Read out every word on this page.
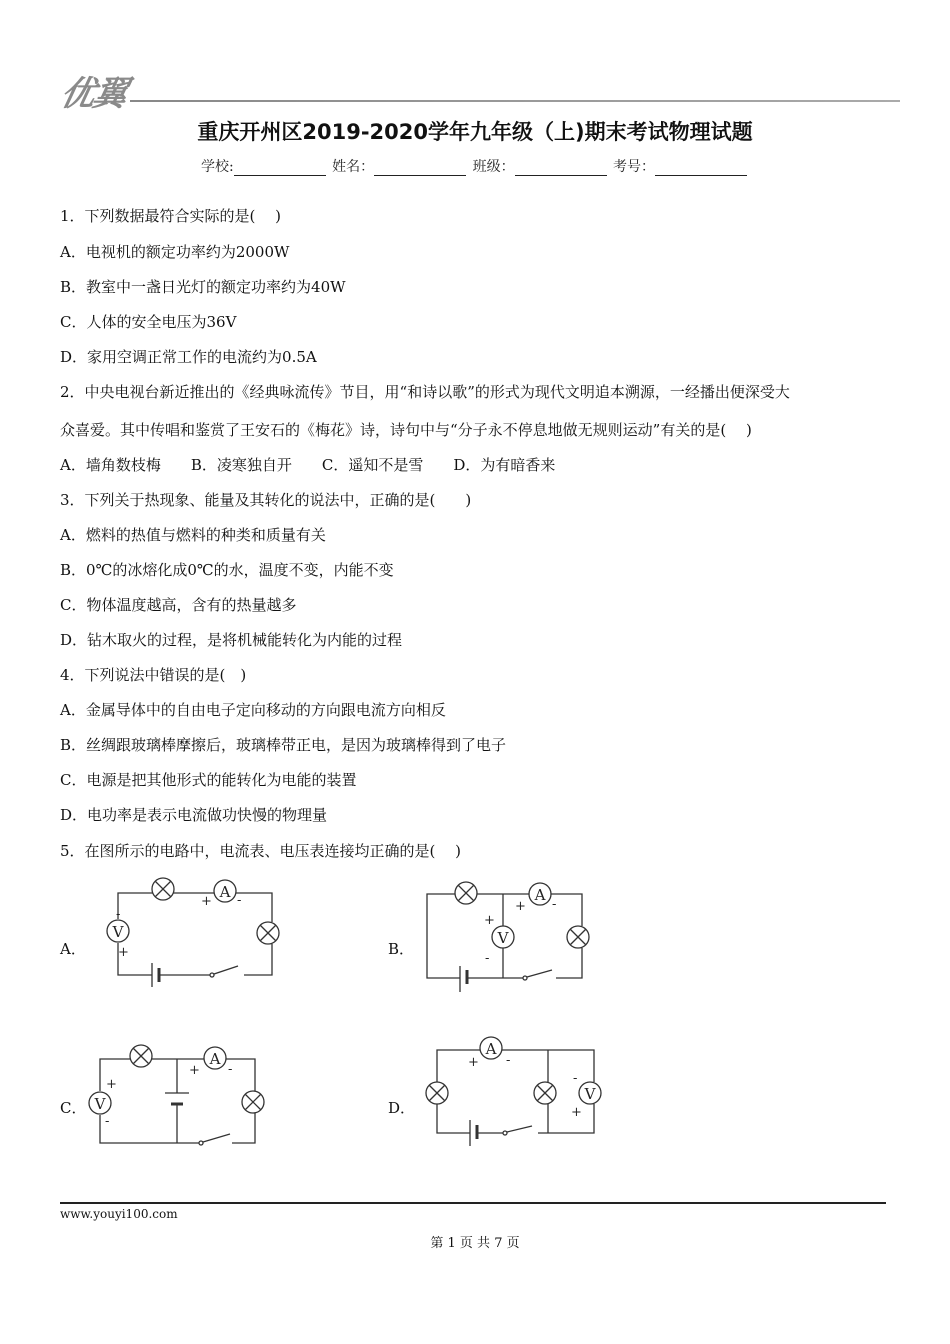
优翼
重庆开州区2019-2020学年九年级（上)期末考试物理试题
学校:	姓名：	班级：	考号：
1．下列数据最符合实际的是(　 )
A．电视机的额定功率约为2000W
B．教室中一盏日光灯的额定功率约为40W
C．人体的安全电压为36V
D．家用空调正常工作的电流约为0.5A
2．中央电视台新近推出的《经典咏流传》节目，用“和诗以歌”的形式为现代文明追本溯源，一经播出便深受大
众喜爱。其中传唱和鉴赏了王安石的《梅花》诗，诗句中与“分子永不停息地做无规则运动”有关的是(　 )
A．墙角数枝梅 B．凌寒独自开 C．遥知不是雪 D．为有暗香来
3．下列关于热现象、能量及其转化的说法中，正确的是(　　)
A．燃料的热值与燃料的种类和质量有关
B．0℃的冰熔化成0℃的水，温度不变，内能不变
C．物体温度越高，含有的热量越多
D．钻木取火的过程，是将机械能转化为内能的过程
4．下列说法中错误的是(　)
A．金属导体中的自由电子定向移动的方向跟电流方向相反
B．丝绸跟玻璃棒摩擦后，玻璃棒带正电，是因为玻璃棒得到了电子
C．电源是把其他形式的能转化为电能的装置
D．电功率是表示电流做功快慢的物理量
5．在图所示的电路中，电流表、电压表连接均正确的是(　 )
A．	B．
C．	D．
A
V
+ -
-
+
A
V
+ -
+
-
A
V
+ -
+
-
A
V
+ -
-
+
www.youyi100.com
第 1 页 共 7 页
